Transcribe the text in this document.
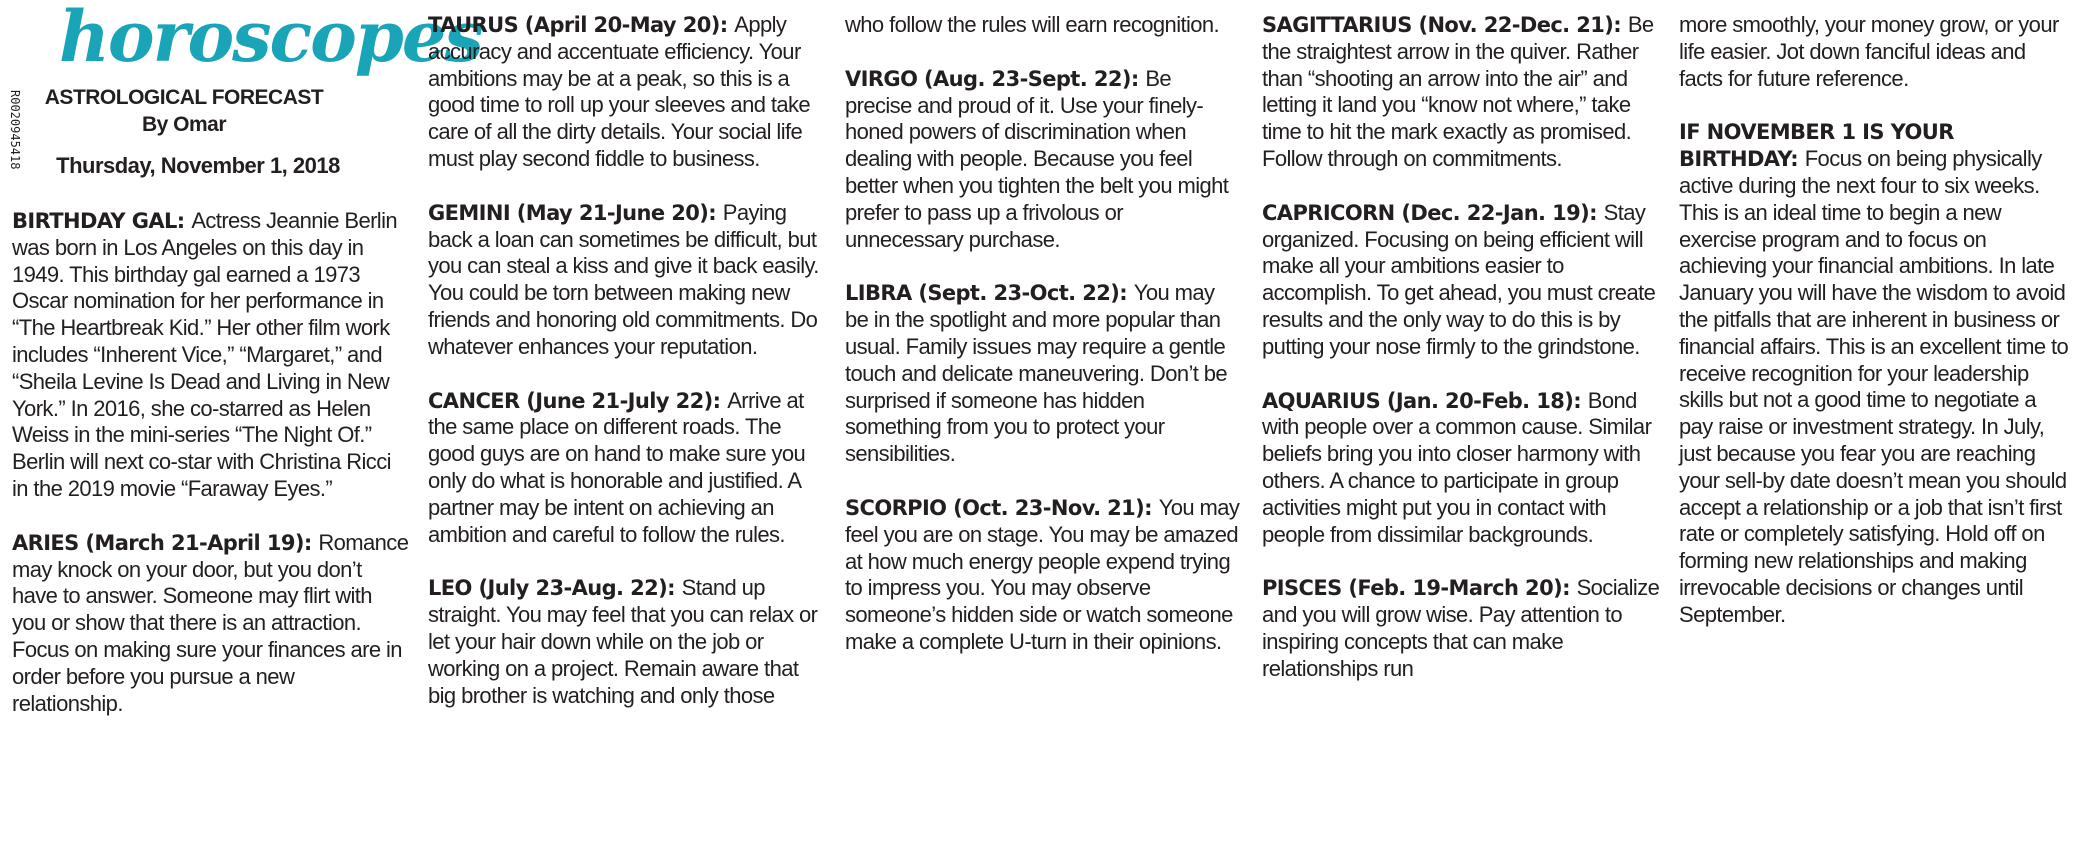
R0020945418
horoscopes
ASTROLOGICAL FORECAST
By Omar
Thursday, November 1, 2018

BIRTHDAY GAL: Actress Jeannie Berlin was born in Los Angeles on this day in 1949. This birthday gal earned a 1973 Oscar nomination for her performance in “The Heartbreak Kid.” Her other film work includes “Inherent Vice,” “Margaret,” and “Sheila Levine Is Dead and Living in New York.” In 2016, she co-starred as Helen Weiss in the mini-series “The Night Of.” Berlin will next co-star with Christina Ricci in the 2019 movie “Faraway Eyes.”

ARIES (March 21-April 19): Romance may knock on your door, but you don’t have to answer. Someone may flirt with you or show that there is an attraction. Focus on making sure your finances are in order before you pursue a new relationship.

TAURUS (April 20-May 20): Apply accuracy and accentuate efficiency. Your ambitions may be at a peak, so this is a good time to roll up your sleeves and take care of all the dirty details. Your social life must play second fiddle to business.

GEMINI (May 21-June 20): Paying back a loan can sometimes be difficult, but you can steal a kiss and give it back easily. You could be torn between making new friends and honoring old commitments. Do whatever enhances your reputation.

CANCER (June 21-July 22): Arrive at the same place on different roads. The good guys are on hand to make sure you only do what is honorable and justified. A partner may be intent on achieving an ambition and careful to follow the rules.

LEO (July 23-Aug. 22): Stand up straight. You may feel that you can relax or let your hair down while on the job or working on a project. Remain aware that big brother is watching and only those

who follow the rules will earn recognition.

VIRGO (Aug. 23-Sept. 22): Be precise and proud of it. Use your finely-honed powers of discrimination when dealing with people. Because you feel better when you tighten the belt you might prefer to pass up a frivolous or unnecessary purchase.

LIBRA (Sept. 23-Oct. 22): You may be in the spotlight and more popular than usual. Family issues may require a gentle touch and delicate maneuvering. Don’t be surprised if someone has hidden something from you to protect your sensibilities.

SCORPIO (Oct. 23-Nov. 21): You may feel you are on stage. You may be amazed at how much energy people expend trying to impress you. You may observe someone’s hidden side or watch someone make a complete U-turn in their opinions.

SAGITTARIUS (Nov. 22-Dec. 21): Be the straightest arrow in the quiver. Rather than “shooting an arrow into the air” and letting it land you “know not where,” take time to hit the mark exactly as promised. Follow through on commitments.

CAPRICORN (Dec. 22-Jan. 19): Stay organized. Focusing on being efficient will make all your ambitions easier to accomplish. To get ahead, you must create results and the only way to do this is by putting your nose firmly to the grindstone.

AQUARIUS (Jan. 20-Feb. 18): Bond with people over a common cause. Similar beliefs bring you into closer harmony with others. A chance to participate in group activities might put you in contact with people from dissimilar backgrounds.

PISCES (Feb. 19-March 20): Socialize and you will grow wise. Pay attention to inspiring concepts that can make relationships run

more smoothly, your money grow, or your life easier. Jot down fanciful ideas and facts for future reference.

IF NOVEMBER 1 IS YOUR BIRTHDAY: Focus on being physically active during the next four to six weeks. This is an ideal time to begin a new exercise program and to focus on achieving your financial ambitions. In late January you will have the wisdom to avoid the pitfalls that are inherent in business or financial affairs. This is an excellent time to receive recognition for your leadership skills but not a good time to negotiate a pay raise or investment strategy. In July, just because you fear you are reaching your sell-by date doesn’t mean you should accept a relationship or a job that isn’t first rate or completely satisfying. Hold off on forming new relationships and making irrevocable decisions or changes until September.
